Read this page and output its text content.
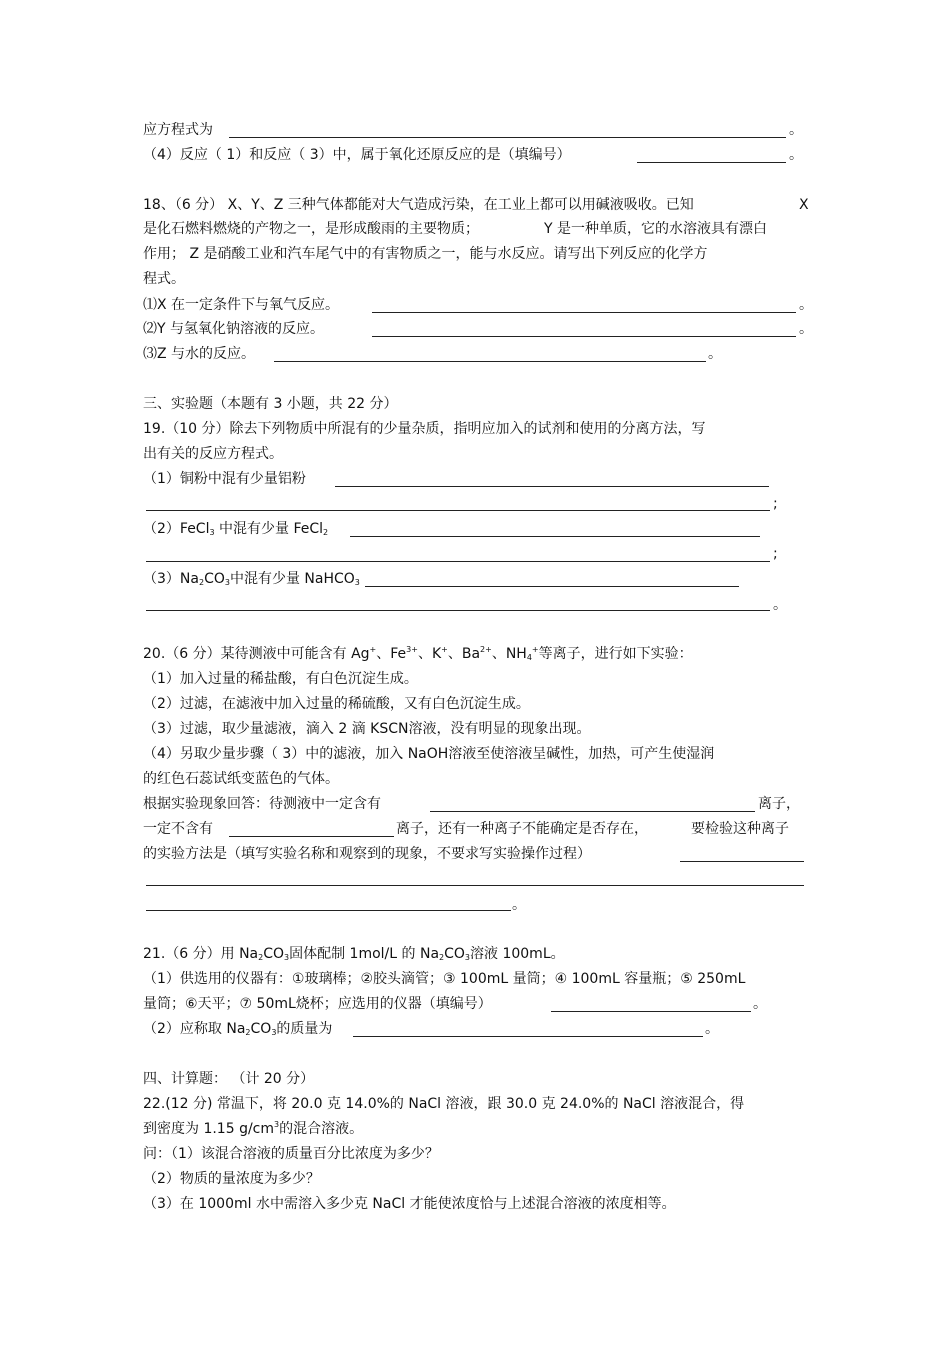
应方程式为	。
（4）反应（ 1）和反应（ 3）中，属于氧化还原反应的是（填编号）	。
18、（6 分） X、Y、Z 三种气体都能对大气造成污染，在工业上都可以用碱液吸收。已知	X
是化石燃料燃烧的产物之一，是形成酸雨的主要物质；	Y 是一种单质，它的水溶液具有漂白
作用； Z 是硝酸工业和汽车尾气中的有害物质之一，能与水反应。请写出下列反应的化学方
程式。
⑴X 在一定条件下与氧气反应。	。
⑵Y 与氢氧化钠溶液的反应。	。
⑶Z 与水的反应。	。
三、实验题（本题有 3 小题，共 22 分）
19.（10 分）除去下列物质中所混有的少量杂质，指明应加入的试剂和使用的分离方法，写
出有关的反应方程式。
（1）铜粉中混有少量铝粉
;
（2）FeCl$_3$ 中混有少量 FeCl$_2$
;
$(3)Na_2CO_3$中混有少量 NaHCO$_3$
。
20.（6 分）某待测液中可能含有 Ag+、$Fe^{3+}$、K+、$Ba^{2+}$、$NH_4^+$等离子，进行如下实验：
（1）加入过量的稀盐酸，有白色沉淀生成。
（2）过滤，在滤液中加入过量的稀硫酸，又有白色沉淀生成。
（3）过滤，取少量滤液，滴入 2 滴 KSCN溶液，没有明显的现象出现。
（4）另取少量步骤（ 3）中的滤液，加入 NaOH溶液至使溶液呈碱性，加热，可产生使湿润
的红色石蕊试纸变蓝色的气体。
根据实验现象回答：待测液中一定含有	离子，
一定不含有	离子，还有一种离子不能确定是否存在，	要检验这种离子
的实验方法是（填写实验名称和观察到的现象，不要求写实验操作过程）
。
21.（6 分）用 $Na_2CO_3$固体配制 1mol/L 的 $Na_2CO_3$溶液 100mL。
（1）供选用的仪器有：①玻璃棒；②胶头滴管；③ 100mL 量筒；④ 100mL 容量瓶；⑤ 250mL
量筒；⑥天平；⑦ 50mL烧杯；应选用的仪器（填编号）	。
（2）应称取 $Na_2CO_3$的质量为	。
四、计算题： （计 20 分）
22.(12 分) 常温下，将 20.0 克 14.0%的 NaCl 溶液，跟 30.0 克 24.0%的 NaCl 溶液混合，得
到密度为 1.15 $g/cm^3$的混合溶液。
问：（1）该混合溶液的质量百分比浓度为多少？
（2）物质的量浓度为多少？
（3）在 1000ml 水中需溶入多少克 NaCl 才能使浓度恰与上述混合溶液的浓度相等。
